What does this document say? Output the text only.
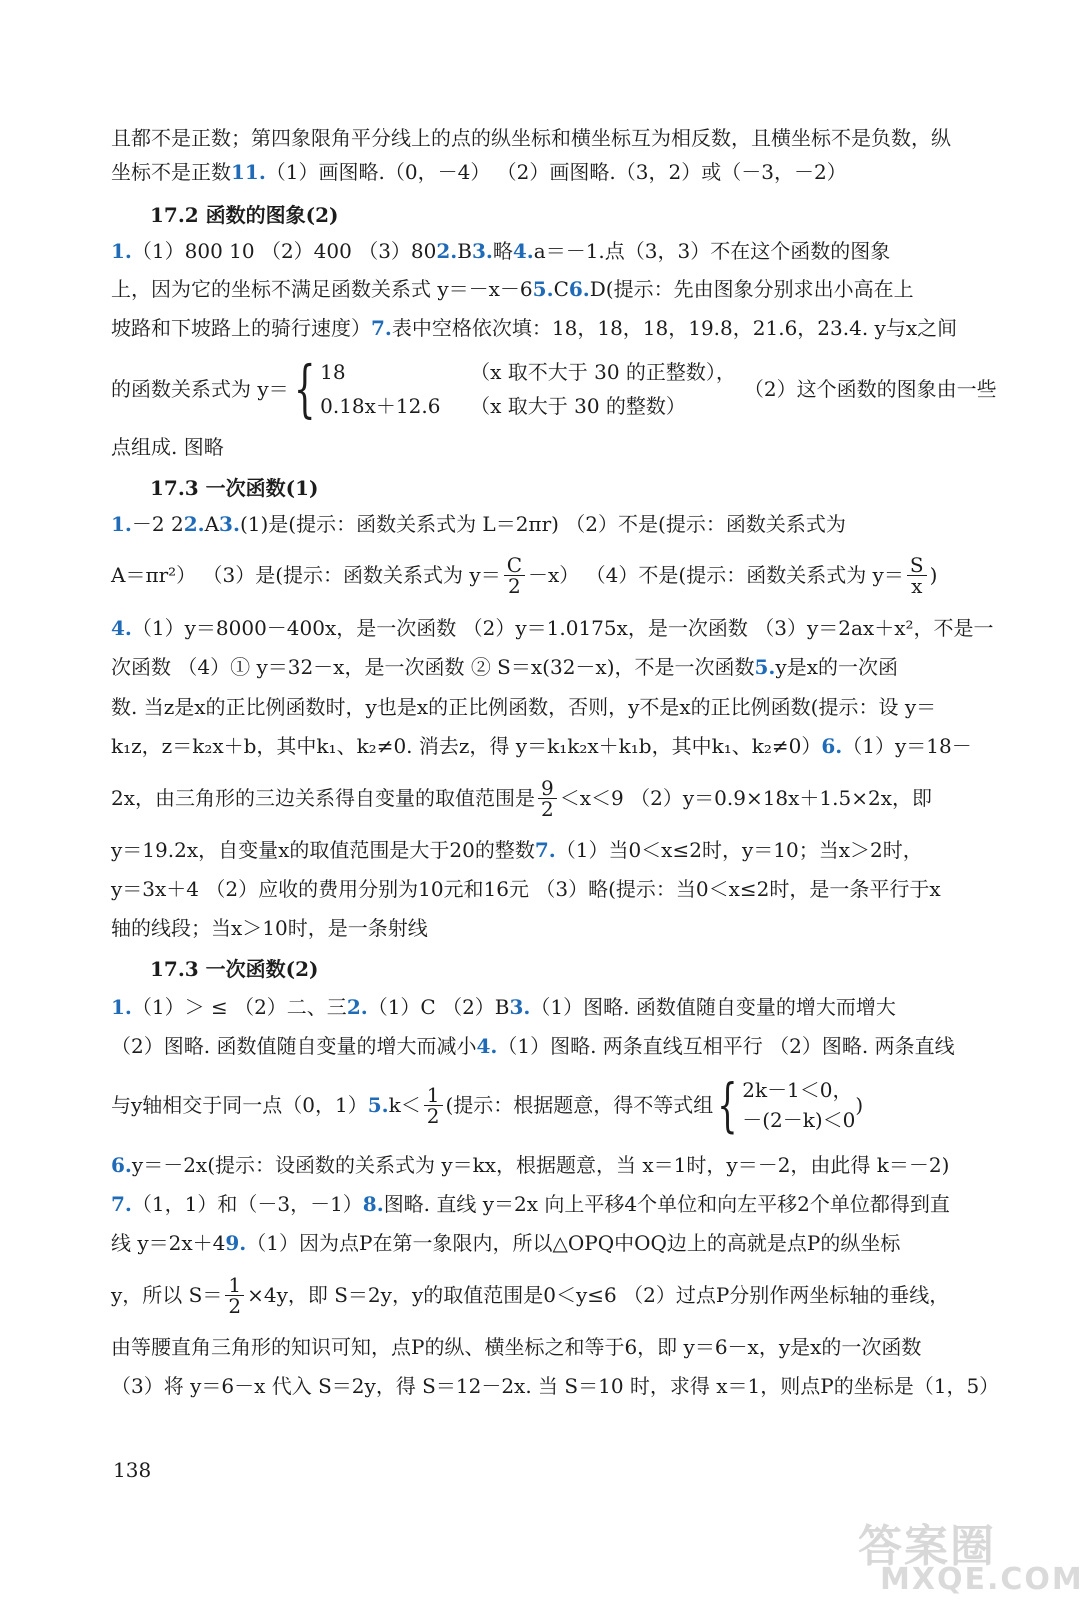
且都不是正数；第四象限角平分线上的点的纵坐标和横坐标互为相反数，且横坐标不是负数，纵
坐标不是正数 11. （1）画图略.（0，－4） （2）画图略.（3，2）或（－3，－2）
17.2 函数的图象(2)
1. （1）800 10 （2）400 （3）80 2. B 3. 略 4. a＝－1.点（3，3）不在这个函数的图象
上，因为它的坐标不满足函数关系式 y＝－x－6 5. C 6. D(提示：先由图象分别求出小高在上
坡路和下坡路上的骑行速度） 7. 表中空格依次填：18，18，18，19.8，21.6，23.4. y与x之间
的函数关系式为 y＝ { 18	（x 取不大于 30 的正整数），
0.18x＋12.6	（x 取大于 30 的整数）
（2）这个函数的图象由一些
点组成. 图略
17.3 一次函数(1)
1. －2 2 2. A 3. (1)是(提示：函数关系式为 L＝2πr) （2）不是(提示：函数关系式为
A＝πr²） （3）是(提示：函数关系式为 $y= \frac{C}{2} -x$） （4）不是(提示：函数关系式为 $y= \frac{S}{x}$ )
4. （1）y＝8000－400x，是一次函数 （2）y＝1.0175x，是一次函数 （3）y＝2ax＋x²，不是一
次函数 （4）① y＝32－x，是一次函数 ② S＝x(32－x)，不是一次函数 5. y是x的一次函
数. 当z是x的正比例函数时，y也是x的正比例函数，否则，y不是x的正比例函数(提示：设 y＝
k₁z，z＝k₂x＋b，其中k₁、k₂≠0. 消去z，得 y＝k₁k₂x＋k₁b，其中k₁、k₂≠0） 6. （1）y＝18－
2x，由三角形的三边关系得自变量的取值范围是 $\frac{9}{2} <x<9$ （2）y＝0.9×18x＋1.5×2x，即
y＝19.2x，自变量x的取值范围是大于20的整数 7. （1）当0＜x≤2时，y＝10；当x＞2时，
y＝3x＋4 （2）应收的费用分别为10元和16元 （3）略(提示：当0＜x≤2时，是一条平行于x
轴的线段；当x＞10时，是一条射线
17.3 一次函数(2)
1. （1）＞ ≤ （2）二、三 2. （1）C （2）B 3. （1）图略. 函数值随自变量的增大而增大
（2）图略. 函数值随自变量的增大而减小 4. （1）图略. 两条直线互相平行 （2）图略. 两条直线
与y轴相交于同一点（0，1） 5. $k< \frac{1}{2}$ (提示：根据题意，得不等式组 { 2k－1＜0，
－(2－k)＜0
)
6. y＝－2x(提示：设函数的关系式为 y＝kx，根据题意，当 x＝1时，y＝－2，由此得 k＝－2)
7. （1，1）和（－3，－1） 8. 图略. 直线 y＝2x 向上平移4个单位和向左平移2个单位都得到直
线 y＝2x＋4 9. （1）因为点P在第一象限内，所以△OPQ中OQ边上的高就是点P的纵坐标
y，所以 $S= \frac{1}{2} \times 4y$，即 S＝2y，y的取值范围是0＜y≤6 （2）过点P分别作两坐标轴的垂线，
由等腰直角三角形的知识可知，点P的纵、横坐标之和等于6，即 y＝6－x，y是x的一次函数
（3）将 y＝6－x 代入 S＝2y，得 S＝12－2x. 当 S＝10 时，求得 x＝1，则点P的坐标是（1，5）
138
答案圈
MXQE.COM
